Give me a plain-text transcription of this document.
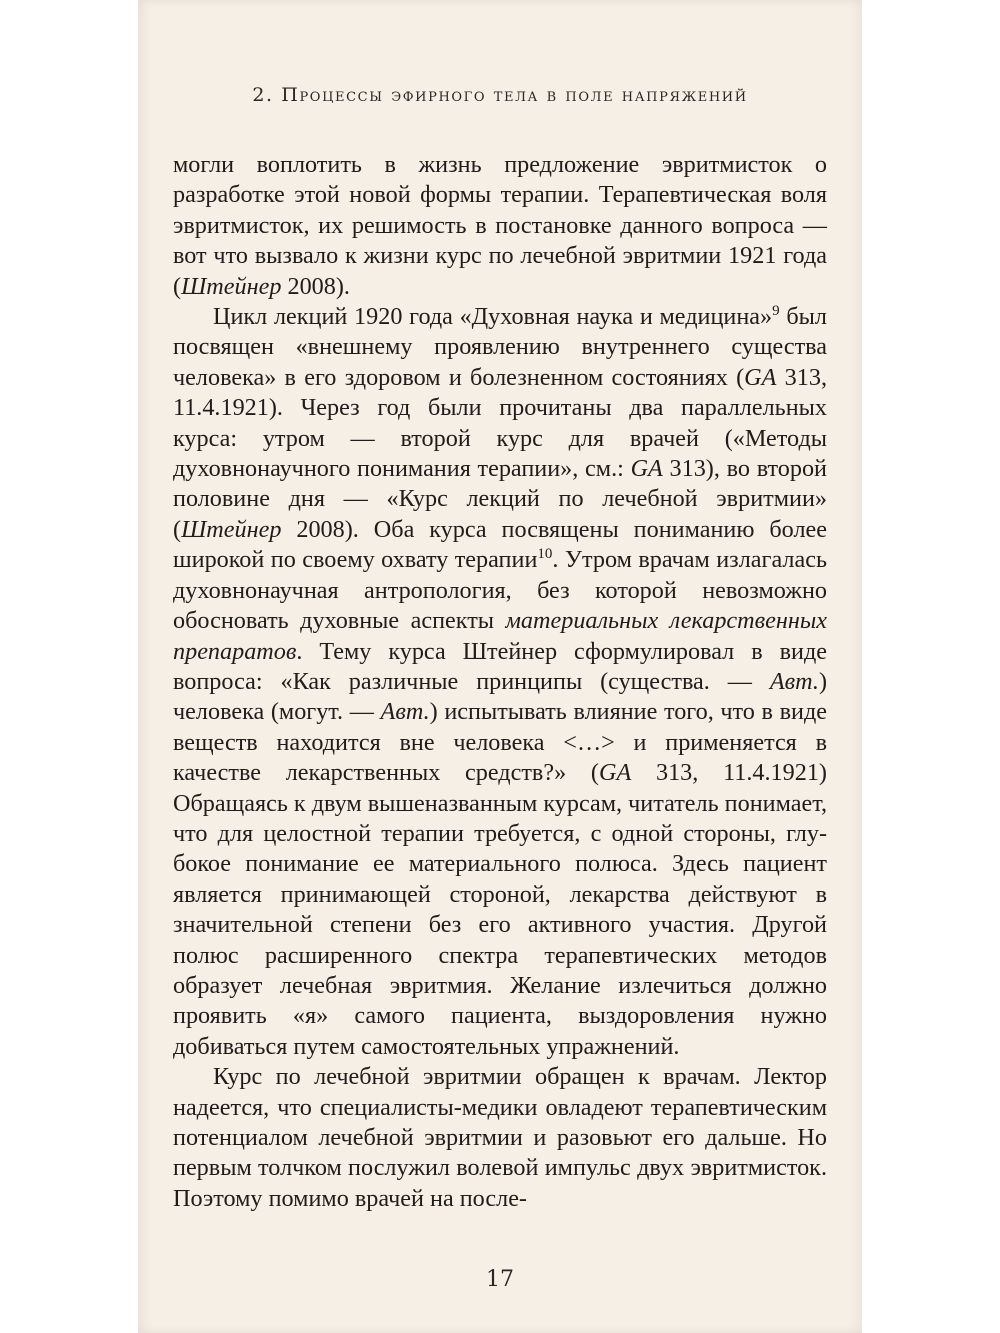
2. Процессы эфирного тела в поле напряжений

могли воплотить в жизнь предложение эвритмисток о разработке этой новой формы терапии. Терапевтическая воля эвритмисток, их решимость в постановке данного вопроса — вот что вызвало к жизни курс по лечебной эвритмии 1921 года (Штейнер 2008).

Цикл лекций 1920 года «Духовная наука и медицина»$^9$ был посвящен «внешнему проявлению внутреннего существа человека» в его здоровом и болезненном состояниях (GA 313, 11.4.1921). Через год были прочитаны два параллельных курса: утром — второй курс для врачей («Методы духовнонаучного понимания терапии», см.: GA 313), во второй половине дня — «Курс лекций по лечебной эвритмии» (Штейнер 2008). Оба курса посвящены пониманию более широкой по своему охвату терапии$^{10}$. Утром врачам излагалась духовнонаучная антропология, без которой невозможно обосновать духовные аспекты материальных лекарственных препаратов. Тему курса Штейнер сформулировал в виде вопроса: «Как различные принципы (существа. — Авт.) человека (могут. — Авт.) испытывать влияние того, что в виде веществ находится вне человека <…> и применяется в качестве лекарственных средств?» (GA 313, 11.4.1921) Обращаясь к двум вышеназванным курсам, читатель понимает, что для целостной терапии требуется, с одной стороны, глубокое понимание ее материального полюса. Здесь пациент является принимающей стороной, лекарства действуют в значительной степени без его активного участия. Другой полюс расширенного спектра терапевтических методов образует лечебная эвритмия. Желание излечиться должно проявить «я» самого пациента, выздоровления нужно добиваться путем самостоятельных упражнений.

Курс по лечебной эвритмии обращен к врачам. Лектор надеется, что специалисты-медики овладеют терапевтическим потенциалом лечебной эвритмии и разовьют его дальше. Но первым толчком послужил волевой импульс двух эвритмисток. Поэтому помимо врачей на после-

17
